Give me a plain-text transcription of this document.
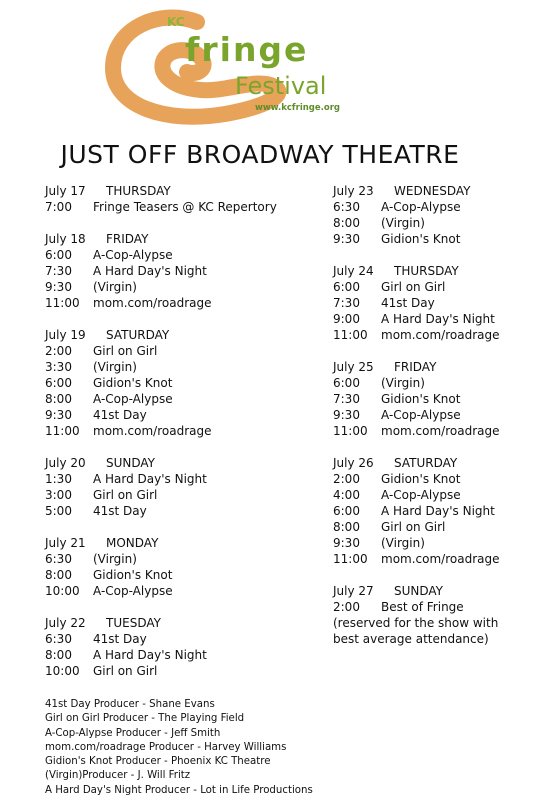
KC
fringe
Festival
www.kcfringe.org
JUST OFF BROADWAY THEATRE
July 17	THURSDAY
7:00	Fringe Teasers @ KC Repertory
July 18	FRIDAY
6:00	A-Cop-Alypse
7:30	A Hard Day's Night
9:30	(Virgin)
11:00	mom.com/roadrage
July 19	SATURDAY
2:00	Girl on Girl
3:30	(Virgin)
6:00	Gidion's Knot
8:00	A-Cop-Alypse
9:30	41st Day
11:00	mom.com/roadrage
July 20	SUNDAY
1:30	A Hard Day's Night
3:00	Girl on Girl
5:00	41st Day
July 21	MONDAY
6:30	(Virgin)
8:00	Gidion's Knot
10:00	A-Cop-Alypse
July 22	TUESDAY
6:30	41st Day
8:00	A Hard Day's Night
10:00	Girl on Girl
July 23	WEDNESDAY
6:30	A-Cop-Alypse
8:00	(Virgin)
9:30	Gidion's Knot
July 24	THURSDAY
6:00	Girl on Girl
7:30	41st Day
9:00	A Hard Day's Night
11:00	mom.com/roadrage
July 25	FRIDAY
6:00	(Virgin)
7:30	Gidion's Knot
9:30	A-Cop-Alypse
11:00	mom.com/roadrage
July 26	SATURDAY
2:00	Gidion's Knot
4:00	A-Cop-Alypse
6:00	A Hard Day's Night
8:00	Girl on Girl
9:30	(Virgin)
11:00	mom.com/roadrage
July 27	SUNDAY
2:00	Best of Fringe
(reserved for the show with best average attendance)
41st Day Producer - Shane Evans
Girl on Girl Producer - The Playing Field
A-Cop-Alypse Producer - Jeff Smith
mom.com/roadrage Producer - Harvey Williams
Gidion's Knot Producer - Phoenix KC Theatre
(Virgin)Producer - J. Will Fritz
A Hard Day's Night Producer - Lot in Life Productions
